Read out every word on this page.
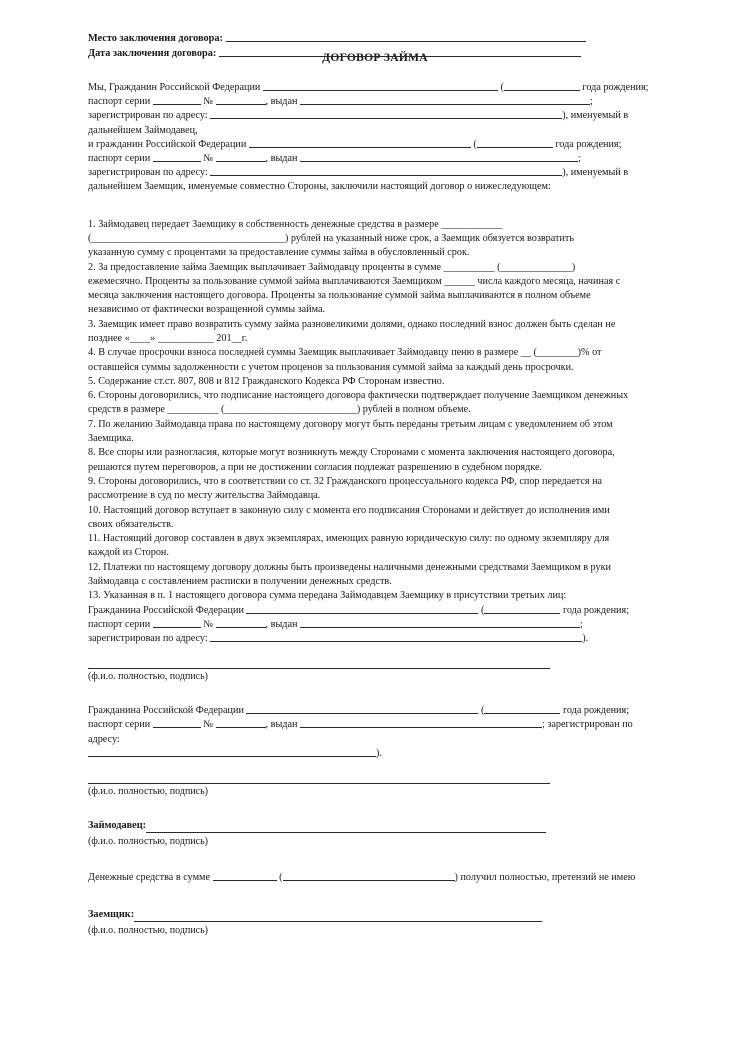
ДОГОВОР ЗАЙМА
Место заключения договора:
Дата заключения договора:
Мы, Гражданин Российской Федерации	(	года рождения;
паспорт серии	№	, выдан	;
зарегистрирован по адресу:	), именуемый в
дальнейшем Займодавец,
и гражданин Российской Федерации	(	года рождения;
паспорт серии	№	, выдан	;
зарегистрирован по адресу:	), именуемый в
дальнейшем Заемщик, именуемые совместно Стороны, заключили настоящий договор о нижеследующем:
1. Займодавец передает Заемщику в собственность денежные средства в размере ____________
(______________________________________) рублей на указанный ниже срок, а Заемщик обязуется возвратить
указанную сумму с процентами за предоставление суммы займа в обусловленный срок.
2. За предоставление займа Заемщик выплачивает Займодавцу проценты в сумме __________ (______________)
ежемесячно. Проценты за пользование суммой займа выплачиваются Заемщиком ______ числа каждого месяца, начиная с
месяца заключения настоящего договора. Проценты за пользование суммой займа выплачиваются в полном объеме
независимо от фактически возращенной суммы займа.
3. Заемщик имеет право возвратить сумму займа разновеликими долями, однако последний взнос должен быть сделан не
позднее «____» ___________ 201__г.
4. В случае просрочки взноса последней суммы Заемщик выплачивает Займодавцу пеню в размере __ (________)% от
оставшейся суммы задолженности с учетом проценов за пользования суммой займа за каждый день просрочки.
5. Содержание ст.ст. 807, 808 и 812 Гражданского Кодекса РФ Сторонам известно.
6. Стороны договорились, что подписание настоящего договора фактически подтверждает получение Заемщиком денежных
средств в размере __________ (__________________________) рублей в полном объеме.
7. По желанию Займодавца права по настоящему договору могут быть переданы третьим лицам с уведомлением об этом
Заемщика.
8. Все споры или разногласия, которые могут возникнуть между Сторонами с момента заключения настоящего договора,
решаются путем переговоров, а при не достижении согласия подлежат разрешению в судебном порядке.
9. Стороны договорились, что в соответствии со ст. 32 Гражданского процессуального кодекса РФ, спор передается на
рассмотрение в суд по месту жительства Займодавца.
10. Настоящий договор вступает в законную силу с момента его подписания Сторонами и действует до исполнения ими
своих обязательств.
11. Настоящий договор составлен в двух экземплярах, имеющих равную юридическую силу: по одному экземпляру для
каждой из Сторон.
12. Платежи по настоящему договору должны быть произведены наличными денежными средствами Заемщиком в руки
Займодавца с составлением расписки в получении денежных средств.
13. Указанная в п. 1 настоящего договора сумма передана Займодавцем Заемщику в присутствии третьих лиц:
Гражданина Российской Федерации	(	года рождения;
паспорт серии	№	, выдан	;
зарегистрирован по адресу:	).
(ф.и.о. полностью, подпись)
Гражданина Российской Федерации	(	года рождения;
паспорт серии	№	, выдан	; зарегистрирован по адресу:
).
(ф.и.о. полностью, подпись)
Займодавец:
(ф.и.о. полностью, подпись)
Денежные средства в сумме	(	) получил полностью, претензий не имею
Заемщик:
(ф.и.о. полностью, подпись)
